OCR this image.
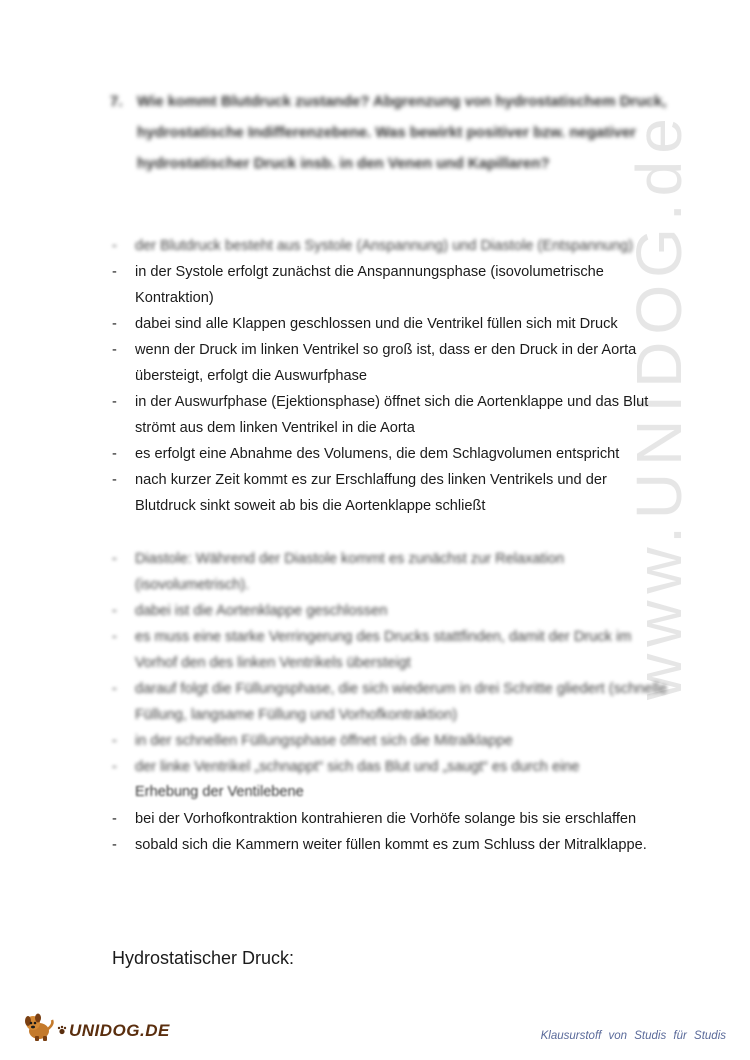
www.UNIDOG.de
7. Wie kommt Blutdruck zustande? Abgrenzung von hydrostatischem Druck, hydrostatische Indifferenzebene. Was bewirkt positiver bzw. negativer hydrostatischer Druck insb. in den Venen und Kapillaren?
- der Blutdruck besteht aus Systole (Anspannung) und Diastole (Entspannung)
- in der Systole erfolgt zunächst die Anspannungsphase (isovolumetrische Kontraktion)
- dabei sind alle Klappen geschlossen und die Ventrikel füllen sich mit Druck
- wenn der Druck im linken Ventrikel so groß ist, dass er den Druck in der Aorta übersteigt, erfolgt die Auswurfphase
- in der Auswurfphase (Ejektionsphase) öffnet sich die Aortenklappe und das Blut strömt aus dem linken Ventrikel in die Aorta
- es erfolgt eine Abnahme des Volumens, die dem Schlagvolumen entspricht
- nach kurzer Zeit kommt es zur Erschlaffung des linken Ventrikels und der Blutdruck sinkt soweit ab bis die Aortenklappe schließt
- Diastole: Während der Diastole kommt es zunächst zur Relaxation (isovolumetrisch).
- dabei ist die Aortenklappe geschlossen
- es muss eine starke Verringerung des Drucks stattfinden, damit der Druck im Vorhof den des linken Ventrikels übersteigt
- darauf folgt die Füllungsphase, die sich wiederum in drei Schritte gliedert (schnelle Füllung, langsame Füllung und Vorhofkontraktion)
- in der schnellen Füllungsphase öffnet sich die Mitralklappe
- der linke Ventrikel „schnappt“ sich das Blut und „saugt“ es durch eine
Erhebung der Ventilebene
- bei der Vorhofkontraktion kontrahieren die Vorhöfe solange bis sie erschlaffen
- sobald sich die Kammern weiter füllen kommt es zum Schluss der Mitralklappe.
Hydrostatischer Druck:
UNIDOG.DE	Klausurstoff von Studis für Studis
